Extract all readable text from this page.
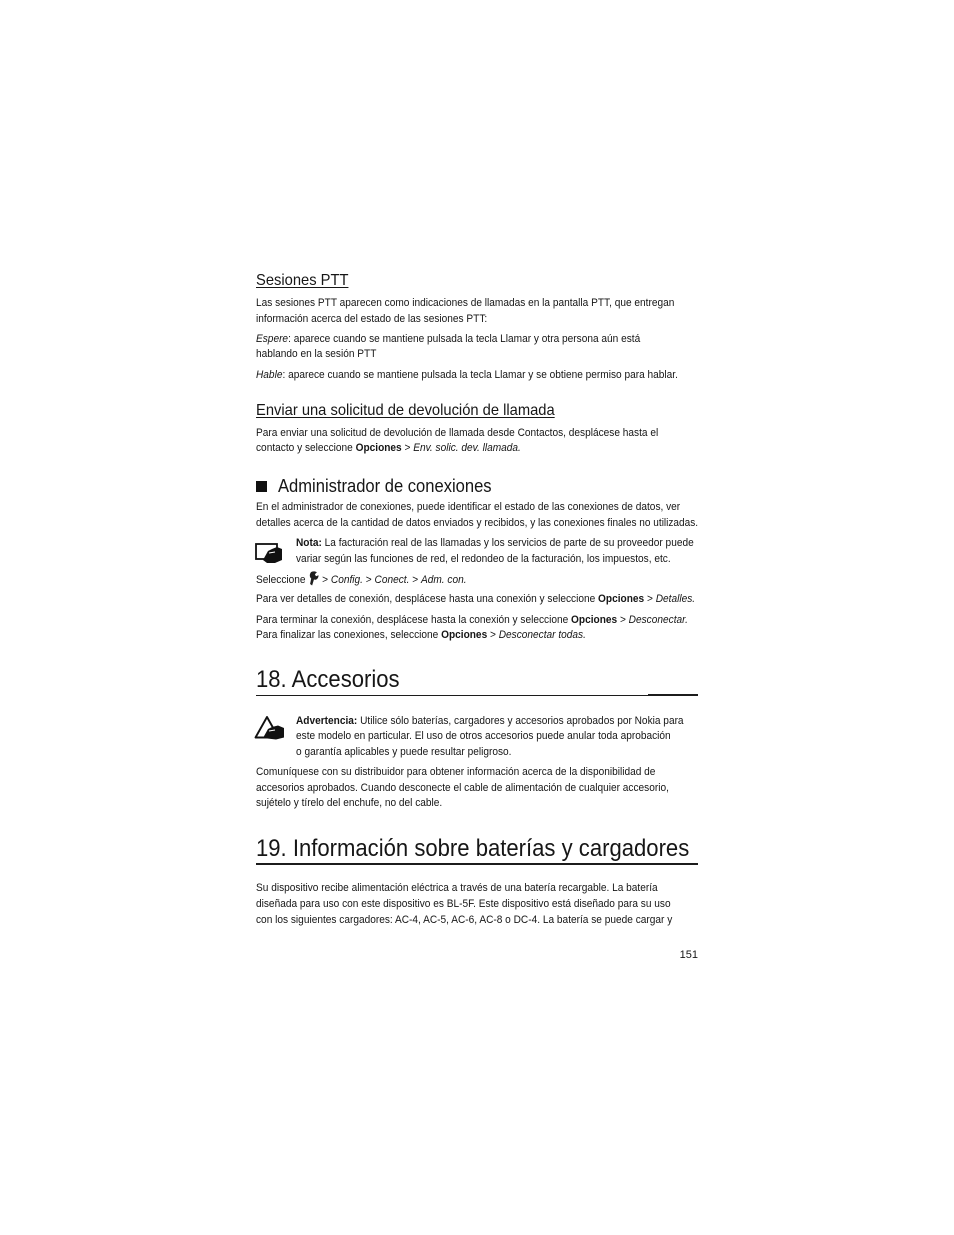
Sesiones PTT
Las sesiones PTT aparecen como indicaciones de llamadas en la pantalla PTT, que entregan
información acerca del estado de las sesiones PTT:
Espere: aparece cuando se mantiene pulsada la tecla Llamar y otra persona aún está
hablando en la sesión PTT
Hable: aparece cuando se mantiene pulsada la tecla Llamar y se obtiene permiso para hablar.
Enviar una solicitud de devolución de llamada
Para enviar una solicitud de devolución de llamada desde Contactos, desplácese hasta el
contacto y seleccione Opciones > Env. solic. dev. llamada.
Administrador de conexiones
En el administrador de conexiones, puede identificar el estado de las conexiones de datos, ver
detalles acerca de la cantidad de datos enviados y recibidos, y las conexiones finales no utilizadas.
Nota: La facturación real de las llamadas y los servicios de parte de su proveedor puede
variar según las funciones de red, el redondeo de la facturación, los impuestos, etc.
Seleccione  > Config. > Conect. > Adm. con.
Para ver detalles de conexión, desplácese hasta una conexión y seleccione Opciones > Detalles.
Para terminar la conexión, desplácese hasta la conexión y seleccione Opciones > Desconectar.
Para finalizar las conexiones, seleccione Opciones > Desconectar todas.
18. Accesorios
Advertencia: Utilice sólo baterías, cargadores y accesorios aprobados por Nokia para
este modelo en particular. El uso de otros accesorios puede anular toda aprobación
o garantía aplicables y puede resultar peligroso.
Comuníquese con su distribuidor para obtener información acerca de la disponibilidad de
accesorios aprobados. Cuando desconecte el cable de alimentación de cualquier accesorio,
sujételo y tírelo del enchufe, no del cable.
19. Información sobre baterías y cargadores
Su dispositivo recibe alimentación eléctrica a través de una batería recargable. La batería
diseñada para uso con este dispositivo es BL-5F. Este dispositivo está diseñado para su uso
con los siguientes cargadores: AC-4, AC-5, AC-6, AC-8 o DC-4. La batería se puede cargar y
151
